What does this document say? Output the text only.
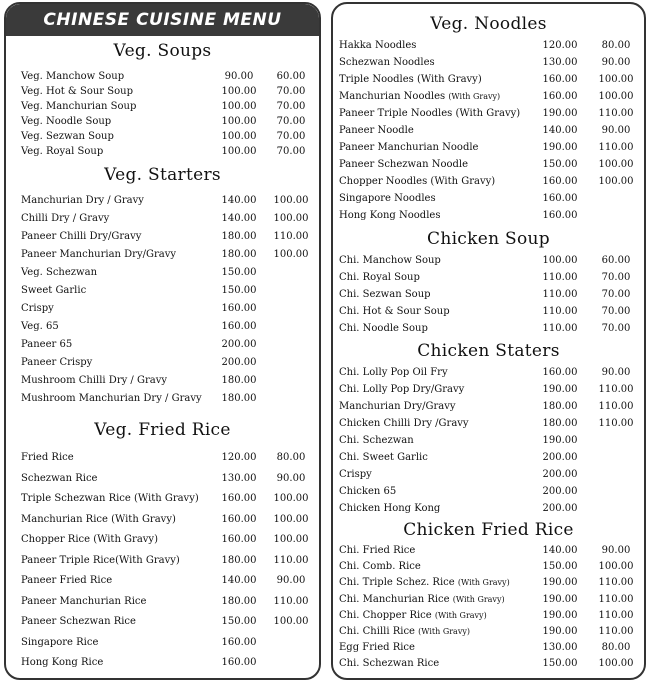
CHINESE CUISINE MENU
Veg. Soups
Veg. Manchow Soup	90.00	60.00
Veg. Hot & Sour Soup	100.00	70.00
Veg. Manchurian Soup	100.00	70.00
Veg. Noodle Soup	100.00	70.00
Veg. Sezwan Soup	100.00	70.00
Veg. Royal Soup	100.00	70.00
Veg. Starters
Manchurian Dry / Gravy	140.00	100.00
Chilli Dry / Gravy	140.00	100.00
Paneer Chilli Dry/Gravy	180.00	110.00
Paneer Manchurian Dry/Gravy	180.00	100.00
Veg. Schezwan	150.00
Sweet Garlic	150.00
Crispy	160.00
Veg. 65	160.00
Paneer 65	200.00
Paneer Crispy	200.00
Mushroom Chilli Dry / Gravy	180.00
Mushroom Manchurian Dry / Gravy	180.00
Veg. Fried Rice
Fried Rice	120.00	80.00
Schezwan Rice	130.00	90.00
Triple Schezwan Rice (With Gravy)	160.00	100.00
Manchurian Rice (With Gravy)	160.00	100.00
Chopper Rice (With Gravy)	160.00	100.00
Paneer Triple Rice(With Gravy)	180.00	110.00
Paneer Fried Rice	140.00	90.00
Paneer Manchurian Rice	180.00	110.00
Paneer Schezwan Rice	150.00	100.00
Singapore Rice	160.00
Hong Kong Rice	160.00
Veg. Noodles
Hakka Noodles	120.00	80.00
Schezwan Noodles	130.00	90.00
Triple Noodles (With Gravy)	160.00	100.00
Manchurian Noodles (With Gravy)	160.00	100.00
Paneer Triple Noodles (With Gravy)	190.00	110.00
Paneer Noodle	140.00	90.00
Paneer Manchurian Noodle	190.00	110.00
Paneer Schezwan Noodle	150.00	100.00
Chopper Noodles (With Gravy)	160.00	100.00
Singapore Noodles	160.00
Hong Kong Noodles	160.00
Chicken Soup
Chi. Manchow Soup	100.00	60.00
Chi. Royal Soup	110.00	70.00
Chi. Sezwan Soup	110.00	70.00
Chi. Hot & Sour Soup	110.00	70.00
Chi. Noodle Soup	110.00	70.00
Chicken Staters
Chi. Lolly Pop Oil Fry	160.00	90.00
Chi. Lolly Pop Dry/Gravy	190.00	110.00
Manchurian Dry/Gravy	180.00	110.00
Chicken Chilli Dry /Gravy	180.00	110.00
Chi. Schezwan	190.00
Chi. Sweet Garlic	200.00
Crispy	200.00
Chicken 65	200.00
Chicken Hong Kong	200.00
Chicken Fried Rice
Chi. Fried Rice	140.00	90.00
Chi. Comb. Rice	150.00	100.00
Chi. Triple Schez. Rice (With Gravy)	190.00	110.00
Chi. Manchurian Rice (With Gravy)	190.00	110.00
Chi. Chopper Rice (With Gravy)	190.00	110.00
Chi. Chilli Rice (With Gravy)	190.00	110.00
Egg Fried Rice	130.00	80.00
Chi. Schezwan Rice	150.00	100.00
